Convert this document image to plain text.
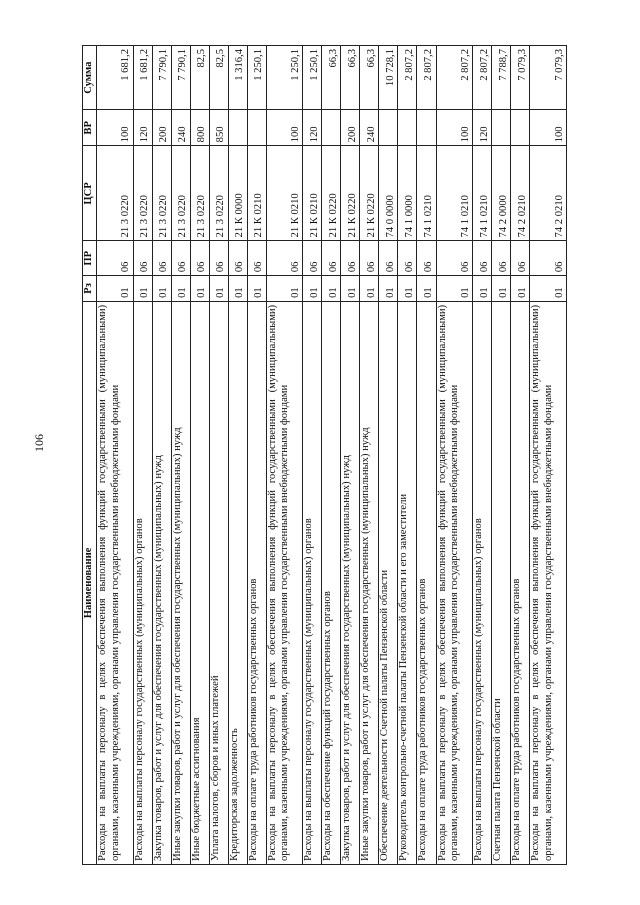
106
Наименование	Рз	ПР	ЦСР	ВР	Сумма
Расходы на выплаты персоналу в целях обеспечения выполнения функций государственными (муниципальными) органами, казенными учреждениями, органами управления государственными внебюджетными фондами	01	06	21 3 0220	100	1 681,2
Расходы на выплаты персоналу государственных (муниципальных) органов	01	06	21 3 0220	120	1 681,2
Закупка товаров, работ и услуг для обеспечения государственных (муниципальных) нужд	01	06	21 3 0220	200	7 790,1
Иные закупки товаров, работ и услуг для обеспечения государственных (муниципальных) нужд	01	06	21 3 0220	240	7 790,1
Иные бюджетные ассигнования	01	06	21 3 0220	800	82,5
Уплата налогов, сборов и иных платежей	01	06	21 3 0220	850	82,5
Кредиторская задолженность	01	06	21 К 0000		1 316,4
Расходы на оплате труда работников государственных органов	01	06	21 К 0210		1 250,1
Расходы на выплаты персоналу в целях обеспечения выполнения функций государственными (муниципальными) органами, казенными учреждениями, органами управления государственными внебюджетными фондами	01	06	21 К 0210	100	1 250,1
Расходы на выплаты персоналу государственных (муниципальных) органов	01	06	21 К 0210	120	1 250,1
Расходы на обеспечение функций государственных органов	01	06	21 К 0220		66,3
Закупка товаров, работ и услуг для обеспечения государственных (муниципальных) нужд	01	06	21 К 0220	200	66,3
Иные закупки товаров, работ и услуг для обеспечения государственных (муниципальных) нужд	01	06	21 К 0220	240	66,3
Обеспечение деятельности Счетной палаты Пензенской области	01	06	74 0 0000		10 728,1
Руководитель контрольно-счетной палаты Пензенской области и его заместители	01	06	74 1 0000		2 807,2
Расходы на оплате труда работников государственных органов	01	06	74 1 0210		2 807,2
Расходы на выплаты персоналу в целях обеспечения выполнения функций государственными (муниципальными) органами, казенными учреждениями, органами управления государственными внебюджетными фондами	01	06	74 1 0210	100	2 807,2
Расходы на выплаты персоналу государственных (муниципальных) органов	01	06	74 1 0210	120	2 807,2
Счетная палата Пензенской области	01	06	74 2 0000		7 788,7
Расходы на оплате труда работников государственных органов	01	06	74 2 0210		7 079,3
Расходы на выплаты персоналу в целях обеспечения выполнения функций государственными (муниципальными) органами, казенными учреждениями, органами управления государственными внебюджетными фондами	01	06	74 2 0210	100	7 079,3
